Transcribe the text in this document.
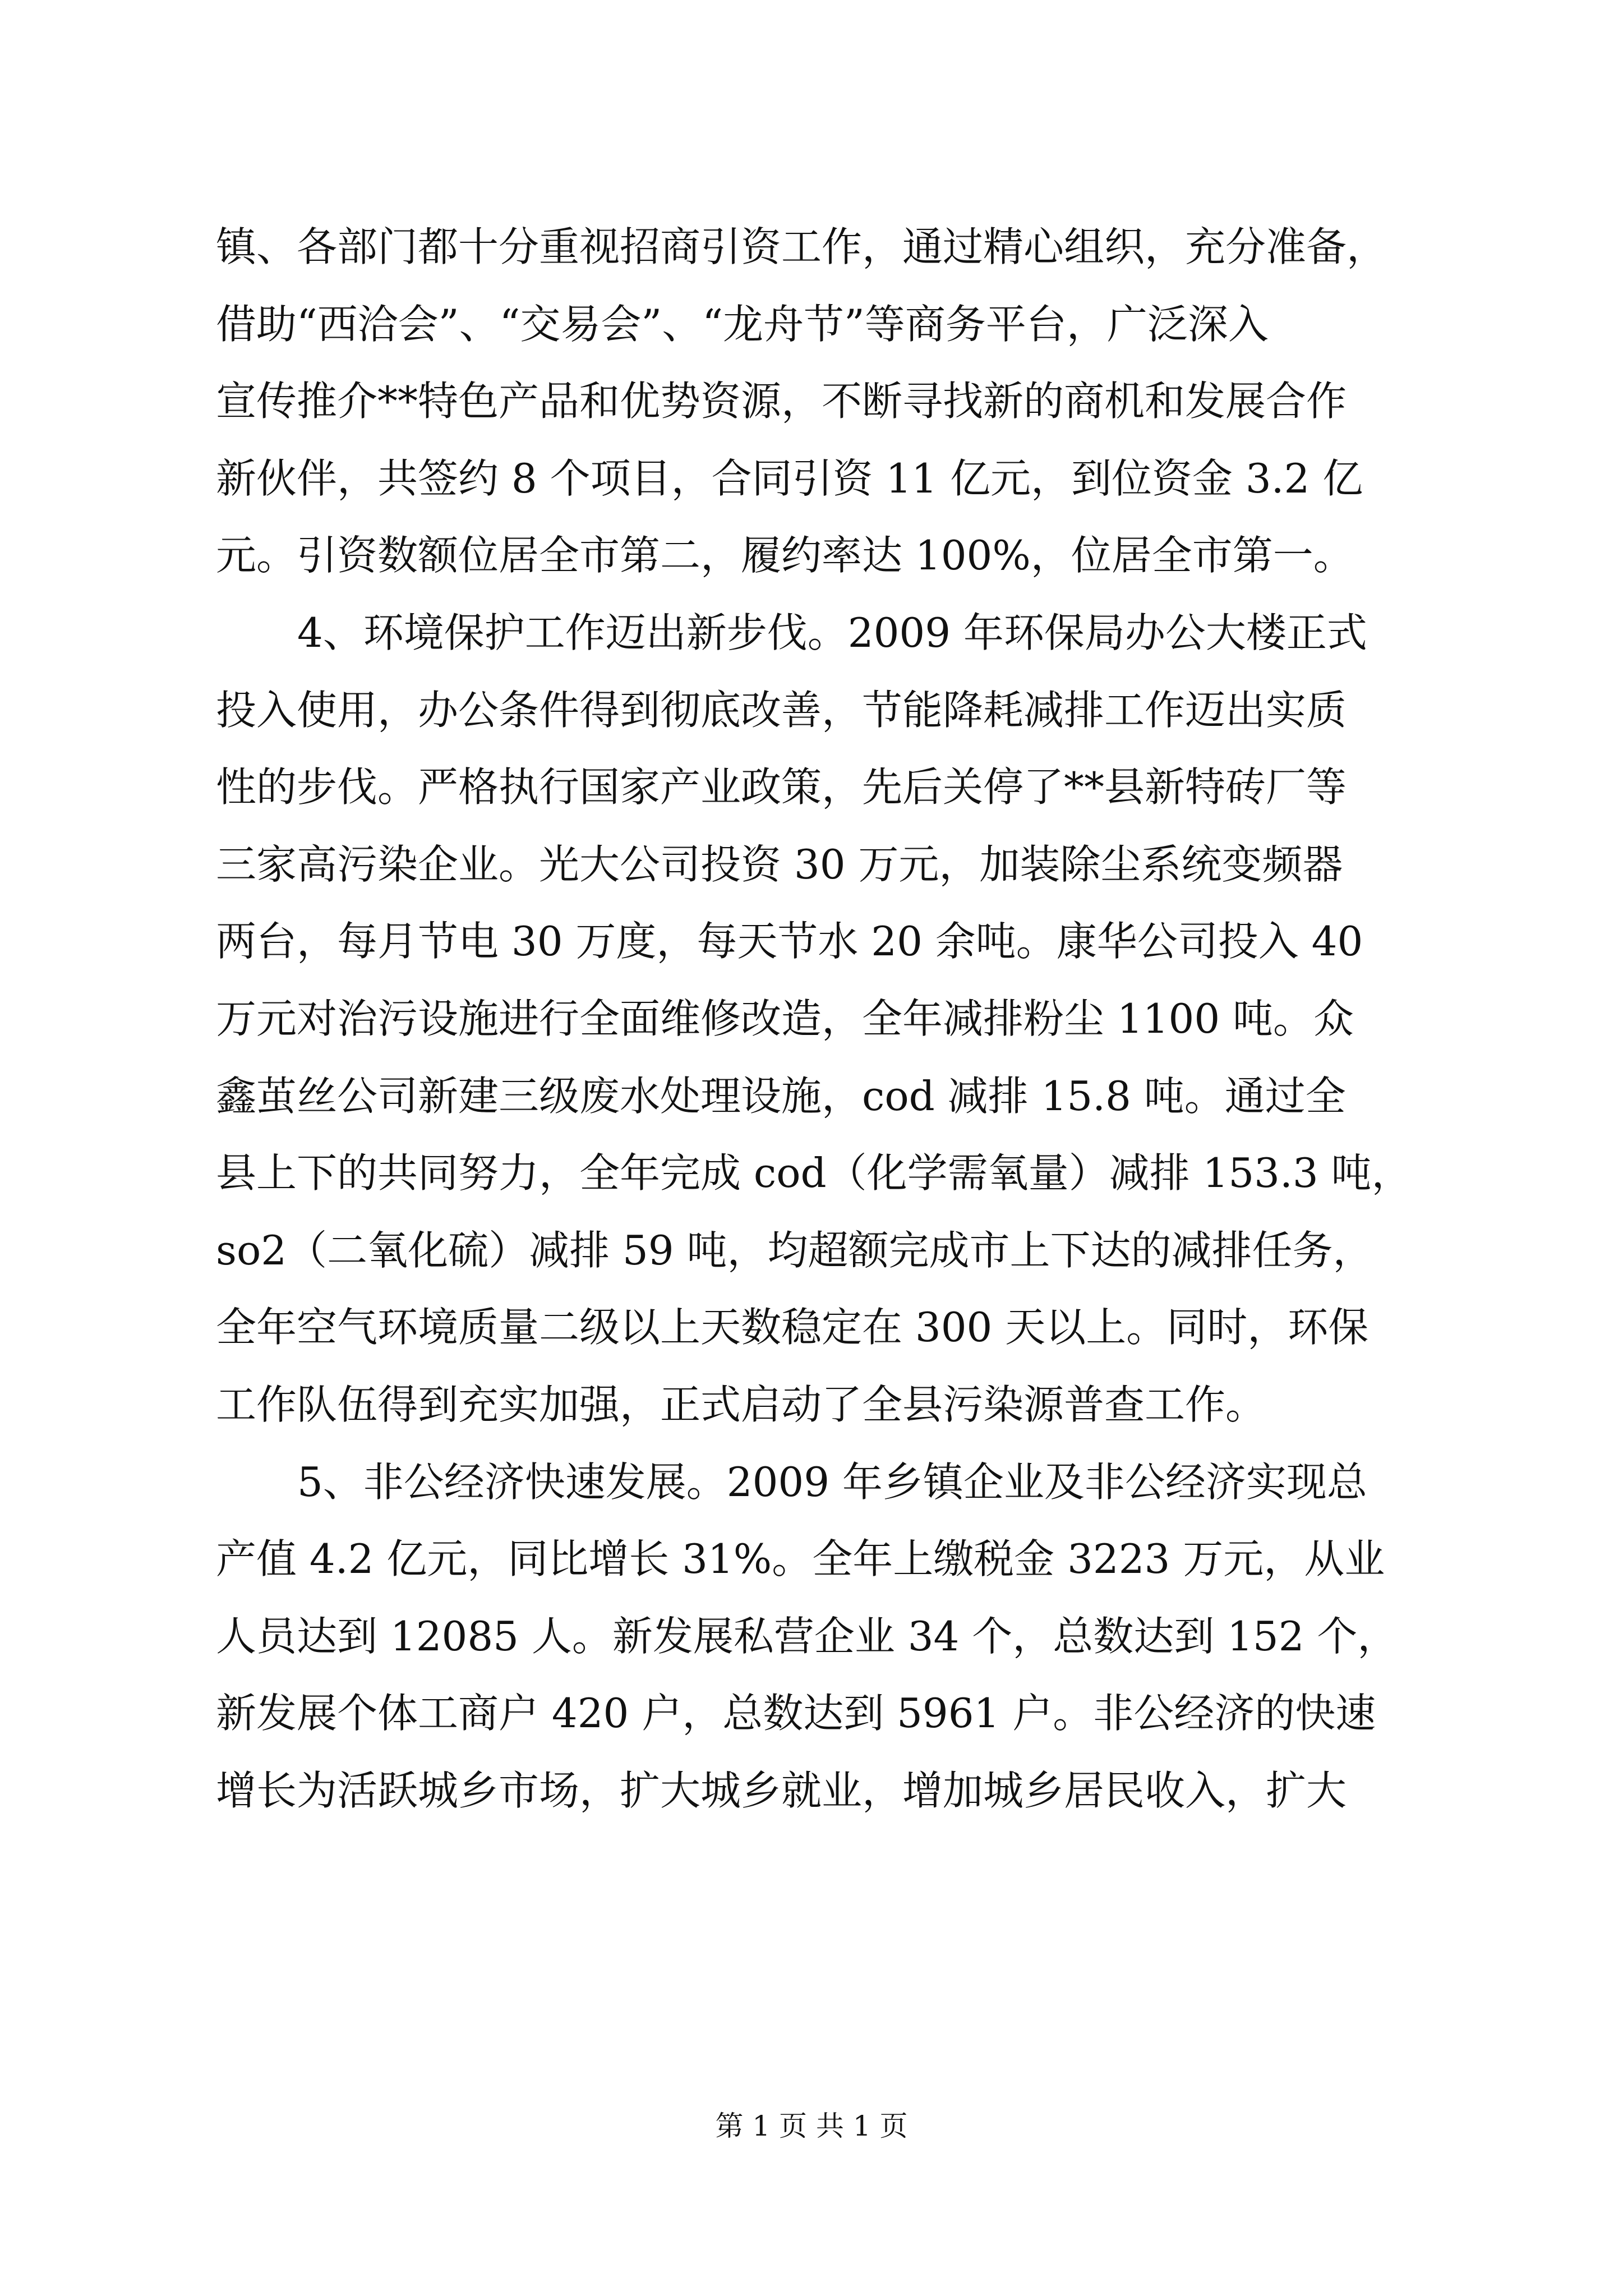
镇、各部门都十分重视招商引资工作，通过精心组织，充分准备，
借助“西洽会”、“交易会”、“龙舟节”等商务平台，广泛深入
宣传推介**特色产品和优势资源，不断寻找新的商机和发展合作
新伙伴，共签约 8 个项目，合同引资 11 亿元，到位资金 3.2 亿
元。引资数额位居全市第二，履约率达 100%，位居全市第一。
4、环境保护工作迈出新步伐。2009 年环保局办公大楼正式
投入使用，办公条件得到彻底改善，节能降耗减排工作迈出实质
性的步伐。严格执行国家产业政策，先后关停了**县新特砖厂等
三家高污染企业。光大公司投资 30 万元，加装除尘系统变频器
两台，每月节电 30 万度，每天节水 20 余吨。康华公司投入 40
万元对治污设施进行全面维修改造，全年减排粉尘 1100 吨。众
鑫茧丝公司新建三级废水处理设施，cod 减排 15.8 吨。通过全
县上下的共同努力，全年完成 cod（化学需氧量）减排 153.3 吨，
so2（二氧化硫）减排 59 吨，均超额完成市上下达的减排任务，
全年空气环境质量二级以上天数稳定在 300 天以上。同时，环保
工作队伍得到充实加强，正式启动了全县污染源普查工作。
5、非公经济快速发展。2009 年乡镇企业及非公经济实现总
产值 4.2 亿元，同比增长 31%。全年上缴税金 3223 万元，从业
人员达到 12085 人。新发展私营企业 34 个，总数达到 152 个，
新发展个体工商户 420 户，总数达到 5961 户。非公经济的快速
增长为活跃城乡市场，扩大城乡就业，增加城乡居民收入，扩大
第 1 页 共 1 页
